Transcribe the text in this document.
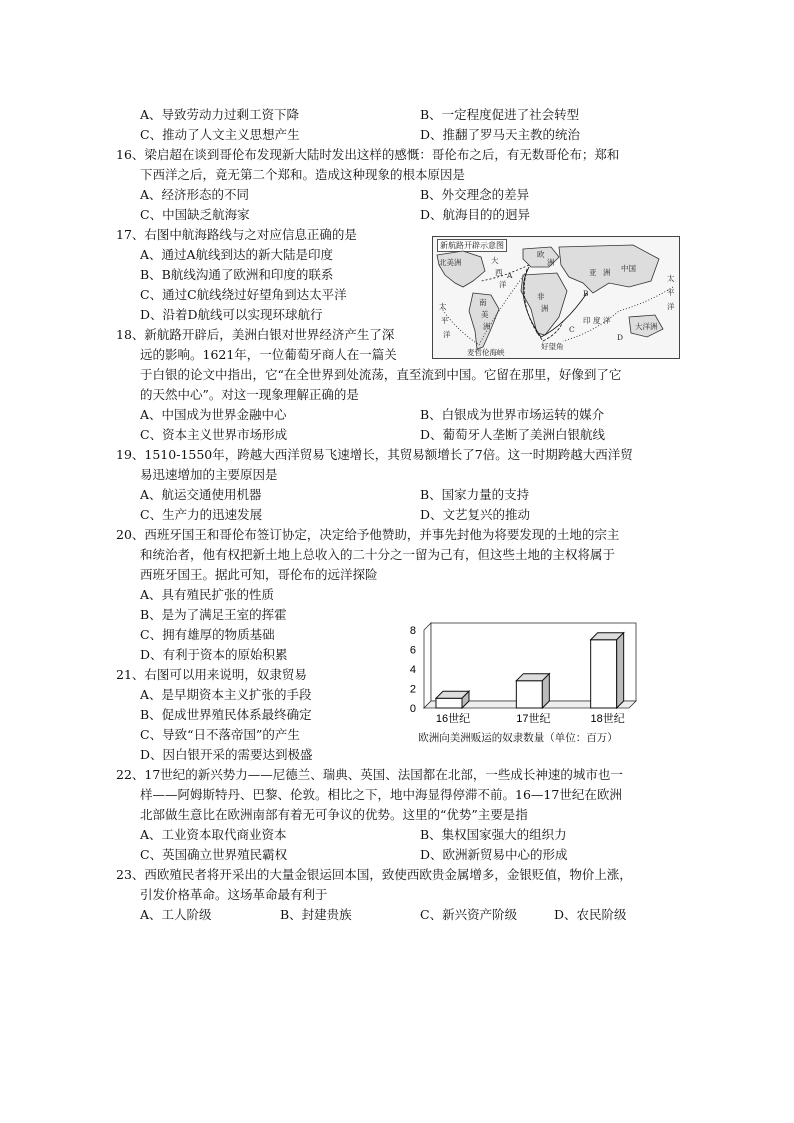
A、导致劳动力过剩工资下降	B、一定程度促进了社会转型
C、推动了人文主义思想产生	D、推翻了罗马天主教的统治
16、梁启超在谈到哥伦布发现新大陆时发出这样的感慨：哥伦布之后，有无数哥伦布；郑和
下西洋之后，竟无第二个郑和。造成这种现象的根本原因是
A、经济形态的不同	B、外交理念的差异
C、中国缺乏航海家	D、航海目的的迥异
17、右图中航海路线与之对应信息正确的是
A、通过A航线到达的新大陆是印度
B、B航线沟通了欧洲和印度的联系
C、通过C航线绕过好望角到达太平洋
D、沿着D航线可以实现环球航行
新航路开辟示意图
北美洲	大
西
洋
南
美
洲
太
平
洋
欧
洲
亚 洲
非
洲
印 度 洋
中国
太
平
洋
大洋洲
A
B
C
D
麦哲伦海峡
好望角
18、新航路开辟后，美洲白银对世界经济产生了深
远的影响。1621年，一位葡萄牙商人在一篇关
于白银的论文中指出，它“在全世界到处流荡，直至流到中国。它留在那里，好像到了它
的天然中心”。对这一现象理解正确的是
A、中国成为世界金融中心	B、白银成为世界市场运转的媒介
C、资本主义世界市场形成	D、葡萄牙人垄断了美洲白银航线
19、1510-1550年，跨越大西洋贸易飞速增长，其贸易额增长了7倍。这一时期跨越大西洋贸
易迅速增加的主要原因是
A、航运交通使用机器	B、国家力量的支持
C、生产力的迅速发展	D、文艺复兴的推动
20、西班牙国王和哥伦布签订协定，决定给予他赞助，并事先封他为将要发现的土地的宗主
和统治者，他有权把新土地上总收入的二十分之一留为己有，但这些土地的主权将属于
西班牙国王。据此可知，哥伦布的远洋探险
A、具有殖民扩张的性质
B、是为了满足王室的挥霍
C、拥有雄厚的物质基础
D、有利于资本的原始积累
21、右图可以用来说明，奴隶贸易
A、是早期资本主义扩张的手段
B、促成世界殖民体系最终确定
C、导致“日不落帝国”的产生
D、因白银开采的需要达到极盛
0
2
4
6
8
16世纪	17世纪	18世纪
欧洲向美洲贩运的奴隶数量（单位：百万）
22、17世纪的新兴势力——尼德兰、瑞典、英国、法国都在北部，一些成长神速的城市也一
样——阿姆斯特丹、巴黎、伦敦。相比之下，地中海显得停滞不前。16—17世纪在欧洲
北部做生意比在欧洲南部有着无可争议的优势。这里的“优势”主要是指
A、工业资本取代商业资本	B、集权国家强大的组织力
C、英国确立世界殖民霸权	D、欧洲新贸易中心的形成
23、西欧殖民者将开采出的大量金银运回本国，致使西欧贵金属增多，金银贬值，物价上涨，
引发价格革命。这场革命最有利于
A、工人阶级	B、封建贵族	C、新兴资产阶级	D、农民阶级
